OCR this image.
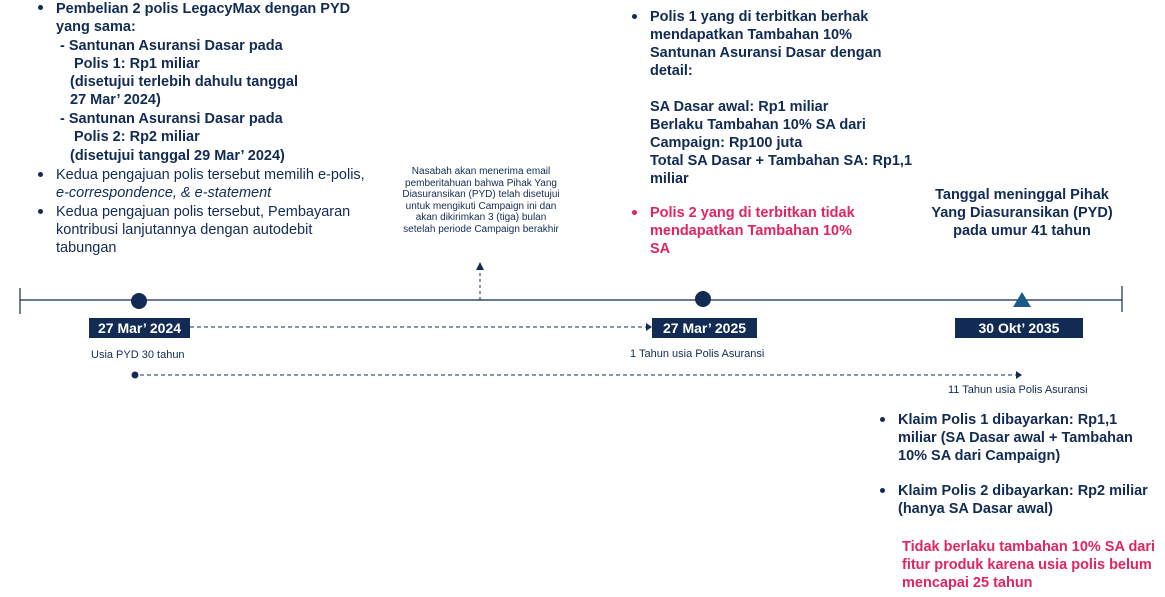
Pembelian 2 polis LegacyMax dengan PYD yang sama:
- Santunan Asuransi Dasar pada
Polis 1: Rp1 miliar
(disetujui terlebih dahulu tanggal
27 Mar’ 2024)
- Santunan Asuransi Dasar pada
Polis 2: Rp2 miliar
(disetujui tanggal 29 Mar’ 2024)
Kedua pengajuan polis tersebut memilih e-polis,
e-correspondence, & e-statement
Kedua pengajuan polis tersebut, Pembayaran
kontribusi lanjutannya dengan autodebit
tabungan
Nasabah akan menerima email
pemberitahuan bahwa Pihak Yang
Diasuransikan (PYD) telah disetujui
untuk mengikuti Campaign ini dan
akan dikirimkan 3 (tiga) bulan
setelah periode Campaign berakhir
Polis 1 yang di terbitkan berhak
mendapatkan Tambahan 10%
Santunan Asuransi Dasar dengan
detail:
SA Dasar awal: Rp1 miliar
Berlaku Tambahan 10% SA dari
Campaign: Rp100 juta
Total SA Dasar + Tambahan SA: Rp1,1
miliar
Polis 2 yang di terbitkan tidak
mendapatkan Tambahan 10%
SA
Tanggal meninggal Pihak
Yang Diasuransikan (PYD)
pada umur 41 tahun
27 Mar’ 2024	27 Mar’ 2025	30 Okt’ 2035
Usia PYD 30 tahun	1 Tahun usia Polis Asuransi
11 Tahun usia Polis Asuransi
Klaim Polis 1 dibayarkan: Rp1,1
miliar (SA Dasar awal + Tambahan
10% SA dari Campaign)
Klaim Polis 2 dibayarkan: Rp2 miliar
(hanya SA Dasar awal)
Tidak berlaku tambahan 10% SA dari
fitur produk karena usia polis belum
mencapai 25 tahun
